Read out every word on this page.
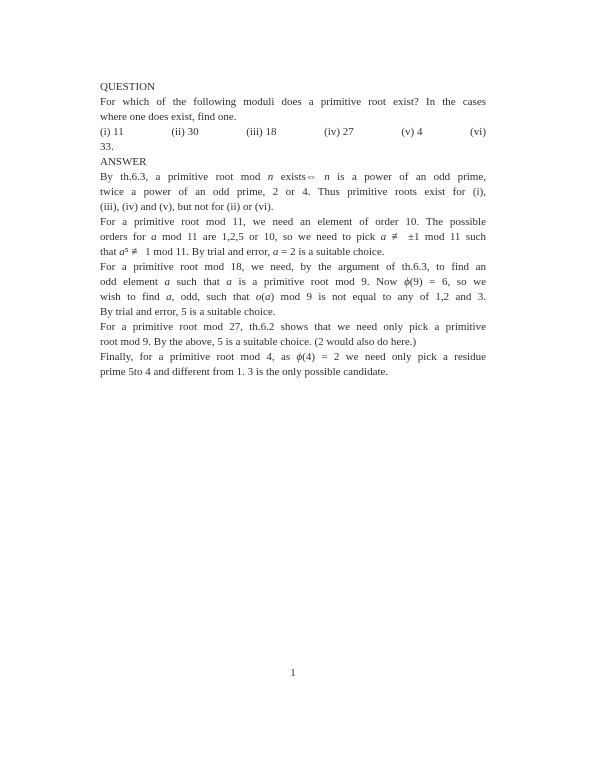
QUESTION
For which of the following moduli does a primitive root exist? In the cases
where one does exist, find one.
(i) 11	(ii) 30	(iii) 18	(iv) 27	(v) 4	(vi)
33.
ANSWER
By th.6.3, a primitive root mod n exists⇔ n is a power of an odd prime,
twice a power of an odd prime, 2 or 4. Thus primitive roots exist for (i),
(iii), (iv) and (v), but not for (ii) or (vi).
For a primitive root mod 11, we need an element of order 10. The possible
orders for a mod 11 are 1,2,5 or 10, so we need to pick a ≢ ±1 mod 11 such
that a⁵ ≢ 1 mod 11. By trial and error, a = 2 is a suitable choice.
For a primitive root mod 18, we need, by the argument of th.6.3, to find an
odd element a such that a is a primitive root mod 9. Now ϕ(9) = 6, so we
wish to find a, odd, such that o(a) mod 9 is not equal to any of 1,2 and 3.
By trial and error, 5 is a suitable choice.
For a primitive root mod 27, th.6.2 shows that we need only pick a primitive
root mod 9. By the above, 5 is a suitable choice. (2 would also do here.)
Finally, for a primitive root mod 4, as ϕ(4) = 2 we need only pick a residue
prime 5to 4 and different from 1. 3 is the only possible candidate.
1
